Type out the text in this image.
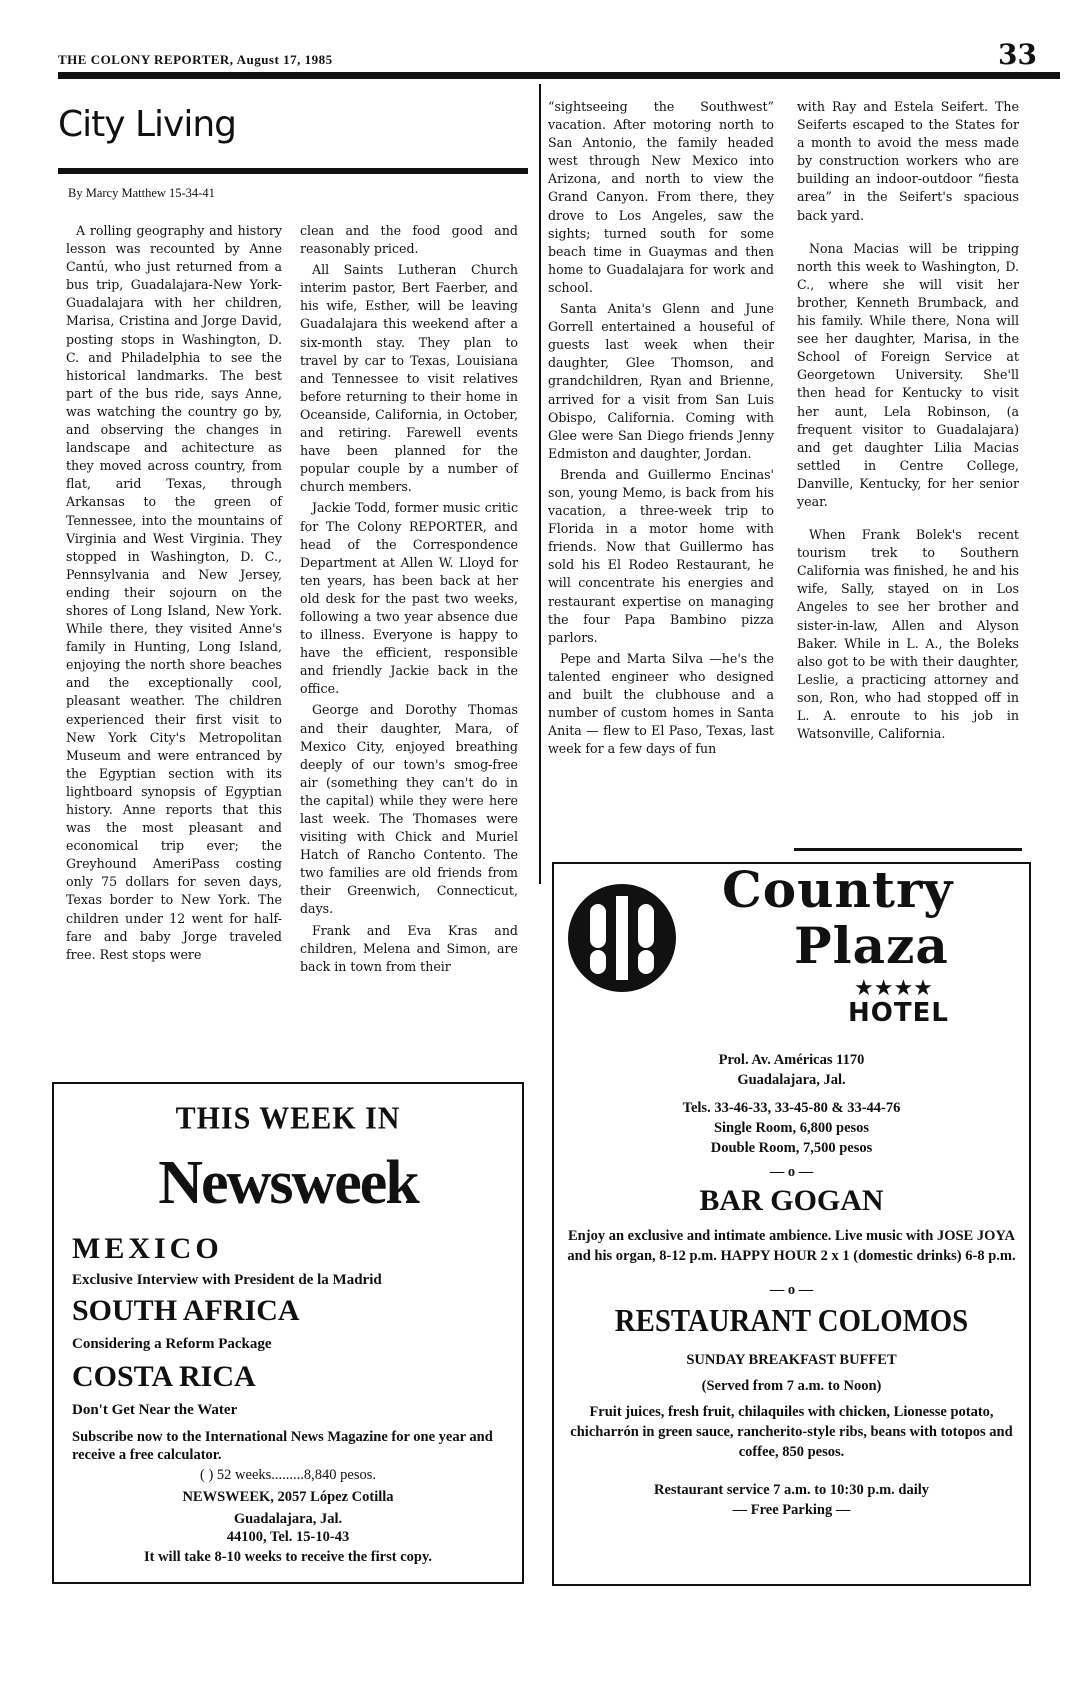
THE COLONY REPORTER, August 17, 1985	33
City Living
By Marcy Matthew 15-34-41

A rolling geography and history lesson was recounted by Anne Cantú, who just returned from a bus trip, Guadalajara-New York-Guadalajara with her children, Marisa, Cristina and Jorge David, posting stops in Washington, D. C. and Philadelphia to see the historical landmarks. The best part of the bus ride, says Anne, was watching the country go by, and observing the changes in landscape and achitecture as they moved across country, from flat, arid Texas, through Arkansas to the green of Tennessee, into the mountains of Virginia and West Virginia. They stopped in Washington, D. C., Pennsylvania and New Jersey, ending their sojourn on the shores of Long Island, New York. While there, they visited Anne's family in Hunting, Long Island, enjoying the north shore beaches and the exceptionally cool, pleasant weather. The children experienced their first visit to New York City's Metropolitan Museum and were entranced by the Egyptian section with its lightboard synopsis of Egyptian history. Anne reports that this was the most pleasant and economical trip ever; the Greyhound AmeriPass costing only 75 dollars for seven days, Texas border to New York. The children under 12 went for half-fare and baby Jorge traveled free. Rest stops were

clean and the food good and reasonably priced.

All Saints Lutheran Church interim pastor, Bert Faerber, and his wife, Esther, will be leaving Guadalajara this weekend after a six-month stay. They plan to travel by car to Texas, Louisiana and Tennessee to visit relatives before returning to their home in Oceanside, California, in October, and retiring. Farewell events have been planned for the popular couple by a number of church members.

Jackie Todd, former music critic for The Colony REPORTER, and head of the Correspondence Department at Allen W. Lloyd for ten years, has been back at her old desk for the past two weeks, following a two year absence due to illness. Everyone is happy to have the efficient, responsible and friendly Jackie back in the office.

George and Dorothy Thomas and their daughter, Mara, of Mexico City, enjoyed breathing deeply of our town's smog-free air (something they can't do in the capital) while they were here last week. The Thomases were visiting with Chick and Muriel Hatch of Rancho Contento. The two families are old friends from their Greenwich, Connecticut, days.

Frank and Eva Kras and children, Melena and Simon, are back in town from their

“sightseeing the Southwest” vacation. After motoring north to San Antonio, the family headed west through New Mexico into Arizona, and north to view the Grand Canyon. From there, they drove to Los Angeles, saw the sights; turned south for some beach time in Guaymas and then home to Guadalajara for work and school.

Santa Anita's Glenn and June Gorrell entertained a houseful of guests last week when their daughter, Glee Thomson, and grandchildren, Ryan and Brienne, arrived for a visit from San Luis Obispo, California. Coming with Glee were San Diego friends Jenny Edmiston and daughter, Jordan.

Brenda and Guillermo Encinas' son, young Memo, is back from his vacation, a three-week trip to Florida in a motor home with friends. Now that Guillermo has sold his El Rodeo Restaurant, he will concentrate his energies and restaurant expertise on managing the four Papa Bambino pizza parlors.

Pepe and Marta Silva —he's the talented engineer who designed and built the clubhouse and a number of custom homes in Santa Anita — flew to El Paso, Texas, last week for a few days of fun

with Ray and Estela Seifert. The Seiferts escaped to the States for a month to avoid the mess made by construction workers who are building an indoor-outdoor “fiesta area” in the Seifert's spacious back yard.

Nona Macias will be tripping north this week to Washington, D. C., where she will visit her brother, Kenneth Brumback, and his family. While there, Nona will see her daughter, Marisa, in the School of Foreign Service at Georgetown University. She'll then head for Kentucky to visit her aunt, Lela Robinson, (a frequent visitor to Guadalajara) and get daughter Lilia Macias settled in Centre College, Danville, Kentucky, for her senior year.

When Frank Bolek's recent tourism trek to Southern California was finished, he and his wife, Sally, stayed on in Los Angeles to see her brother and sister-in-law, Allen and Alyson Baker. While in L. A., the Boleks also got to be with their daughter, Leslie, a practicing attorney and son, Ron, who had stopped off in L. A. enroute to his job in Watsonville, California.

THIS WEEK IN
Newsweek
MEXICO
Exclusive Interview with President de la Madrid
SOUTH AFRICA
Considering a Reform Package
COSTA RICA
Don't Get Near the Water
Subscribe now to the International News Magazine for one year and receive a free calculator.
( ) 52 weeks.........8,840 pesos.
NEWSWEEK, 2057 López Cotilla
Guadalajara, Jal.
44100, Tel. 15-10-43
It will take 8-10 weeks to receive the first copy.
Country
Plaza
★★★★
HOTEL
Prol. Av. Américas 1170
Guadalajara, Jal.
Tels. 33-46-33, 33-45-80 & 33-44-76
Single Room, 6,800 pesos
Double Room, 7,500 pesos
— o —
BAR GOGAN
Enjoy an exclusive and intimate ambience. Live music with JOSE JOYA and his organ, 8-12 p.m. HAPPY HOUR 2 x 1 (domestic drinks) 6-8 p.m.
— o —
RESTAURANT COLOMOS
SUNDAY BREAKFAST BUFFET
(Served from 7 a.m. to Noon)
Fruit juices, fresh fruit, chilaquiles with chicken, Lionesse potato, chicharrón in green sauce, rancherito-style ribs, beans with totopos and coffee, 850 pesos.
Restaurant service 7 a.m. to 10:30 p.m. daily
— Free Parking —
